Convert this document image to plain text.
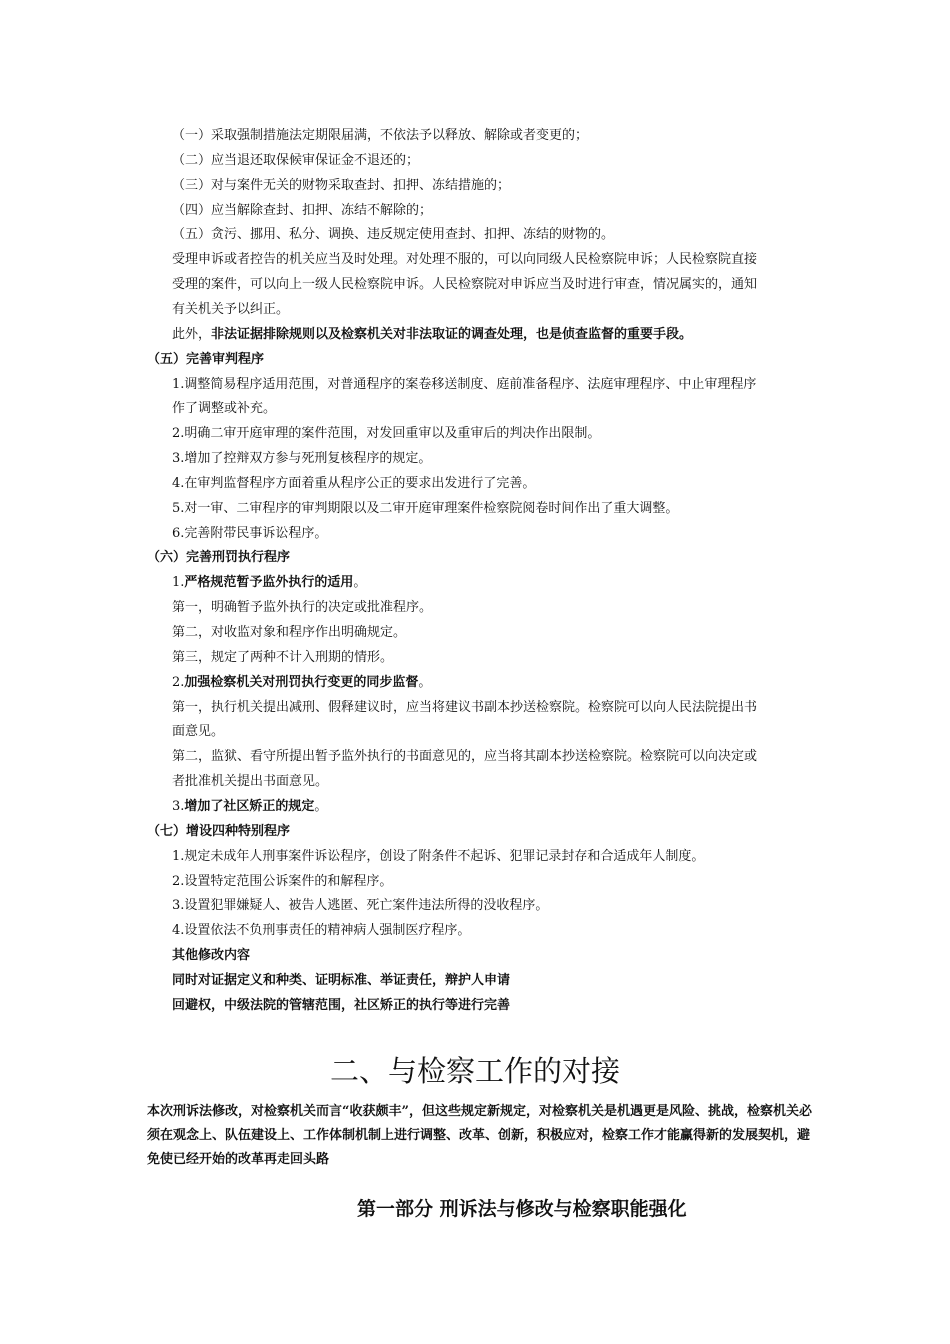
（一）采取强制措施法定期限届满，不依法予以释放、解除或者变更的；
（二）应当退还取保候审保证金不退还的；
（三）对与案件无关的财物采取查封、扣押、冻结措施的；
（四）应当解除查封、扣押、冻结不解除的；
（五）贪污、挪用、私分、调换、违反规定使用查封、扣押、冻结的财物的。
受理申诉或者控告的机关应当及时处理。对处理不服的，可以向同级人民检察院申诉；人民检察院直接
受理的案件，可以向上一级人民检察院申诉。人民检察院对申诉应当及时进行审查，情况属实的，通知
有关机关予以纠正。
此外，非法证据排除规则以及检察机关对非法取证的调查处理，也是侦查监督的重要手段。
（五）完善审判程序
1.调整简易程序适用范围，对普通程序的案卷移送制度、庭前准备程序、法庭审理程序、中止审理程序
作了调整或补充。
2.明确二审开庭审理的案件范围，对发回重审以及重审后的判决作出限制。
3.增加了控辩双方参与死刑复核程序的规定。
4.在审判监督程序方面着重从程序公正的要求出发进行了完善。
5.对一审、二审程序的审判期限以及二审开庭审理案件检察院阅卷时间作出了重大调整。
6.完善附带民事诉讼程序。
（六）完善刑罚执行程序
1.严格规范暂予监外执行的适用。
第一，明确暂予监外执行的决定或批准程序。
第二，对收监对象和程序作出明确规定。
第三，规定了两种不计入刑期的情形。
2.加强检察机关对刑罚执行变更的同步监督。
第一，执行机关提出减刑、假释建议时，应当将建议书副本抄送检察院。检察院可以向人民法院提出书
面意见。
第二，监狱、看守所提出暂予监外执行的书面意见的，应当将其副本抄送检察院。检察院可以向决定或
者批准机关提出书面意见。
3.增加了社区矫正的规定。
（七）增设四种特别程序
1.规定未成年人刑事案件诉讼程序，创设了附条件不起诉、犯罪记录封存和合适成年人制度。
2.设置特定范围公诉案件的和解程序。
3.设置犯罪嫌疑人、被告人逃匿、死亡案件违法所得的没收程序。
4.设置依法不负刑事责任的精神病人强制医疗程序。
其他修改内容
同时对证据定义和种类、证明标准、举证责任，辩护人申请
回避权，中级法院的管辖范围，社区矫正的执行等进行完善
二、与检察工作的对接
本次刑诉法修改，对检察机关而言“收获颇丰”，但这些规定新规定，对检察机关是机遇更是风险、挑战，检察机关必须在观念上、队伍建设上、工作体制机制上进行调整、改革、创新，积极应对，检察工作才能赢得新的发展契机，避免使已经开始的改革再走回头路
第一部分 刑诉法与修改与检察职能强化
